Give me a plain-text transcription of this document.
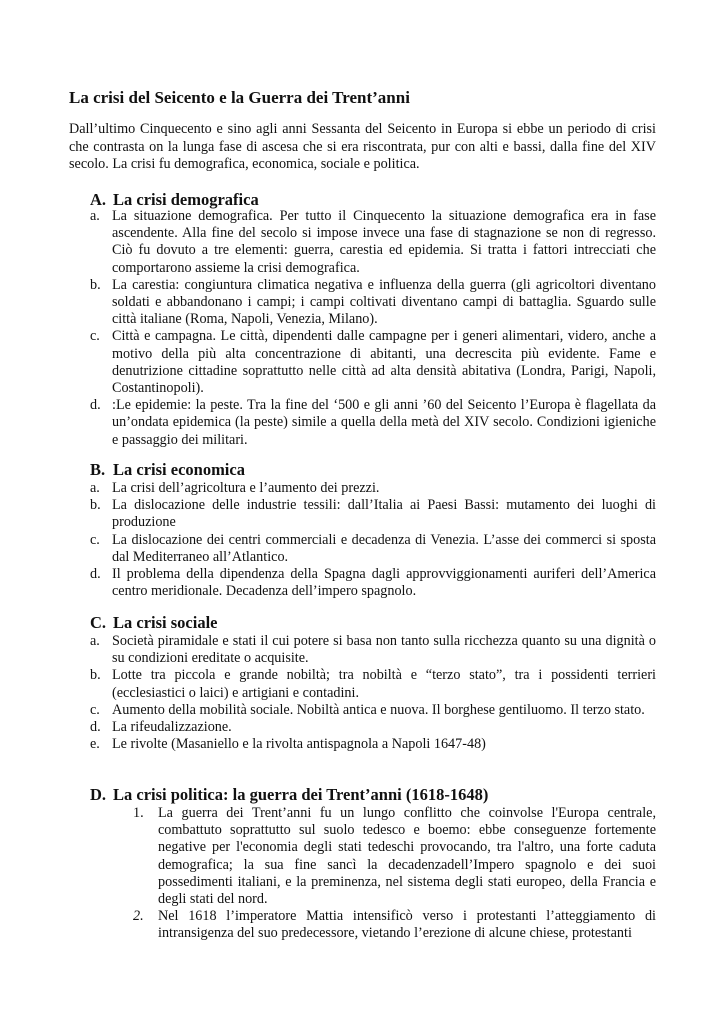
La crisi del Seicento e la Guerra dei Trent’anni

Dall’ultimo Cinquecento e sino agli anni Sessanta del Seicento in Europa si ebbe un periodo di crisi che contrasta on la lunga fase di ascesa che si era riscontrata, pur con alti e bassi, dalla fine del XIV secolo. La crisi fu demografica, economica, sociale e politica.

A. La crisi demografica
a. La situazione demografica. Per tutto il Cinquecento la situazione demografica era in fase ascendente. Alla fine del secolo si impose invece una fase di stagnazione se non di regresso. Ciò fu dovuto a tre elementi: guerra, carestia ed epidemia. Si tratta i fattori intrecciati che comportarono assieme la crisi demografica.
b. La carestia: congiuntura climatica negativa e influenza della guerra (gli agricoltori diventano soldati e abbandonano i campi; i campi coltivati diventano campi di battaglia. Sguardo sulle città italiane (Roma, Napoli, Venezia, Milano).
c. Città e campagna. Le città, dipendenti dalle campagne per i generi alimentari, videro, anche a motivo della più alta concentrazione di abitanti, una decrescita più evidente. Fame e denutrizione cittadine soprattutto nelle città ad alta densità abitativa (Londra, Parigi, Napoli, Costantinopoli).
d. :Le epidemie: la peste. Tra la fine del ‘500 e gli anni ’60 del Seicento l’Europa è flagellata da un’ondata epidemica (la peste) simile a quella della metà del XIV secolo. Condizioni igieniche e passaggio dei militari.
B. La crisi economica
a. La crisi dell’agricoltura e l’aumento dei prezzi.
b. La dislocazione delle industrie tessili: dall’Italia ai Paesi Bassi: mutamento dei luoghi di produzione
c. La dislocazione dei centri commerciali e decadenza di Venezia. L’asse dei commerci si sposta dal Mediterraneo all’Atlantico.
d. Il problema della dipendenza della Spagna dagli approvviggionamenti auriferi dell’America centro meridionale. Decadenza dell’impero spagnolo.
C. La crisi sociale
a. Società piramidale e stati il cui potere si basa non tanto sulla ricchezza quanto su una dignità o su condizioni ereditate o acquisite.
b. Lotte tra piccola e grande nobiltà; tra nobiltà e “terzo stato”, tra i possidenti terrieri (ecclesiastici o laici) e artigiani e contadini.
c. Aumento della mobilità sociale. Nobiltà antica e nuova. Il borghese gentiluomo. Il terzo stato.
d. La rifeudalizzazione.
e. Le rivolte (Masaniello e la rivolta antispagnola a Napoli 1647-48)
D. La crisi politica: la guerra dei Trent’anni (1618-1648)
1. La guerra dei Trent’anni fu un lungo conflitto che coinvolse l'Europa centrale, combattuto soprattutto sul suolo tedesco e boemo: ebbe conseguenze fortemente negative per l'economia degli stati tedeschi provocando, tra l'altro, una forte caduta demografica; la sua fine sancì la decadenzadell’Impero spagnolo e dei suoi possedimenti italiani, e la preminenza, nel sistema degli stati europeo, della Francia e degli stati del nord.
2. Nel 1618 l’imperatore Mattia intensificò verso i protestanti l’atteggiamento di intransigenza del suo predecessore, vietando l’erezione di alcune chiese, protestanti
